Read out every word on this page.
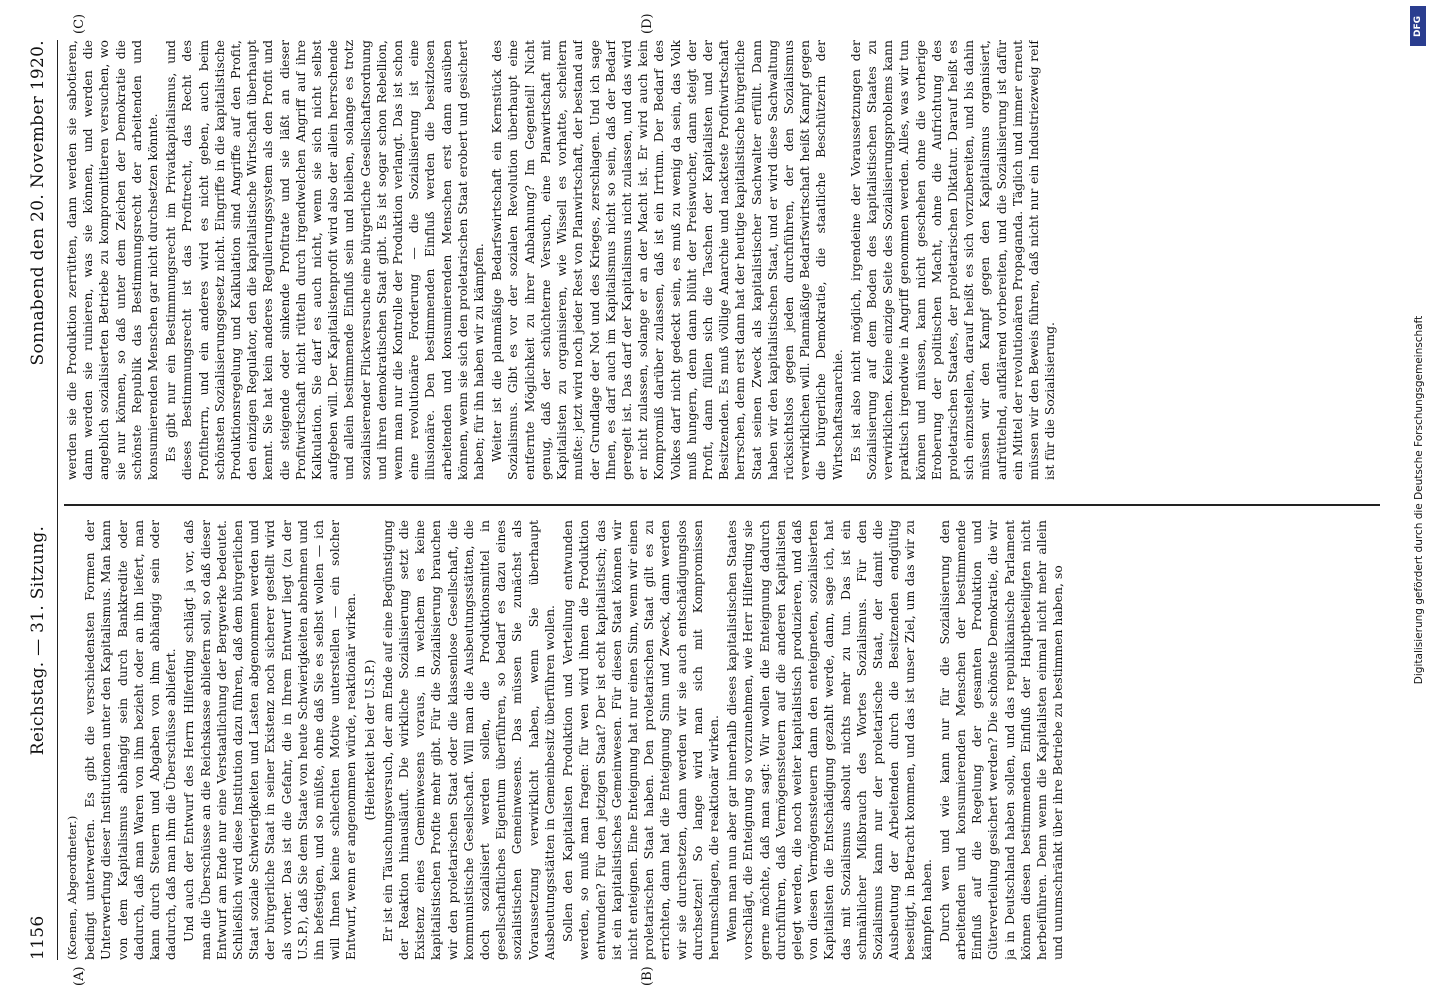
1156
Reichstag. — 31. Sitzung.
Sonnabend den 20. November 1920.
(A)	(B)
(C)	(D)

(Koenen, Abgeordneter.) bedingt unterwerfen. Es gibt die verschiedensten Formen der Unterwerfung dieser Institutionen unter den Kapitalismus. Man kann von dem Kapitalismus abhängig sein durch Bankkredite oder dadurch, daß man Waren von ihm bezieht oder an ihn liefert, man kann durch Steuern und Abgaben von ihm abhängig sein oder dadurch, daß man ihm die Überschüsse abliefert. Und auch der Entwurf des Herrn Hilferding schlägt ja vor, daß man die Überschüsse an die Reichskasse abliefern soll, so daß dieser Entwurf am Ende nur eine Verstaatlichung der Bergwerke bedeutet. Schließlich wird diese Institution dazu führen, daß dem bürgerlichen Staat soziale Schwierigkeiten und Lasten abgenommen werden und der bürgerliche Staat in seiner Existenz noch sicherer gestellt wird als vorher. Das ist die Gefahr, die in Ihrem Entwurf liegt (zu der U.S.P.), daß Sie dem Staate von heute Schwierigkeiten abnehmen und ihn befestigen, und so müßte, ohne daß Sie es selbst wollen — ich will Ihnen keine schlechten Motive unterstellen — ein solcher Entwurf, wenn er angenommen würde, reaktionär wirken. (Heiterkeit bei der U.S.P.) Er ist ein Täuschungsversuch, der am Ende auf eine Begünstigung der Reaktion hinausläuft. Die wirkliche Sozialisierung setzt die Existenz eines Gemeinwesens voraus, in welchem es keine kapitalistischen Profite mehr gibt. Für die Sozialisierung brauchen wir den proletarischen Staat oder die klassenlose Gesellschaft, die kommunistische Gesellschaft. Will man die Ausbeutungsstätten, die doch sozialisiert werden sollen, die Produktionsmittel in gesellschaftliches Eigentum überführen, so bedarf es dazu eines sozialistischen Gemeinwesens. Das müssen Sie zunächst als Voraussetzung verwirklicht haben, wenn Sie überhaupt Ausbeutungsstätten in Gemeinbesitz überführen wollen. Sollen den Kapitalisten Produktion und Verteilung entwunden werden, so muß man fragen: für wen wird ihnen die Produktion entwunden? Für den jetzigen Staat? Der ist echt kapitalistisch; das ist ein kapitalistisches Gemeinwesen. Für diesen Staat können wir nicht enteignen. Eine Enteignung hat nur einen Sinn, wenn wir einen proletarischen Staat haben. Den proletarischen Staat gilt es zu errichten, dann hat die Enteignung Sinn und Zweck, dann werden wir sie durchsetzen, dann werden wir sie auch entschädigungslos durchsetzen! So lange wird man sich mit Kompromissen herumschlagen, die reaktionär wirken. Wenn man nun aber gar innerhalb dieses kapitalistischen Staates vorschlägt, die Enteignung so vorzunehmen, wie Herr Hilferding sie gerne möchte, daß man sagt: Wir wollen die Enteignung dadurch durchführen, daß Vermögenssteuern auf die anderen Kapitalisten gelegt werden, die noch weiter kapitalistisch produzieren, und daß von diesen Vermögenssteuern dann den enteigneten, sozialisierten Kapitalisten die Entschädigung gezahlt werde, dann, sage ich, hat das mit Sozialismus absolut nichts mehr zu tun. Das ist ein schmählicher Mißbrauch des Wortes Sozialismus. Für den Sozialismus kann nur der proletarische Staat, der damit die Ausbeutung der Arbeitenden durch die Besitzenden endgültig beseitigt, in Betracht kommen, und das ist unser Ziel, um das wir zu kämpfen haben. Durch wen und wie kann nur für die Sozialisierung den arbeitenden und konsumierenden Menschen der bestimmende Einfluß auf die Regelung der gesamten Produktion und Güterverteilung gesichert werden? Die schönste Demokratie, die wir ja in Deutschland haben sollen, und das republikanische Parlament können diesen bestimmenden Einfluß der Hauptbeteiligten nicht herbeiführen. Denn wenn die Kapitalisten einmal nicht mehr allein und unumschränkt über ihre Betriebe zu bestimmen haben, so

werden sie die Produktion zerrütten, dann werden sie sabotieren, dann werden sie ruinieren, was sie können, und werden die angeblich sozialisierten Betriebe zu kompromittieren versuchen, wo sie nur können, so daß unter dem Zeichen der Demokratie die schönste Republik das Bestimmungsrecht der arbeitenden und konsumierenden Menschen gar nicht durchsetzen könnte. Es gibt nur ein Bestimmungsrecht im Privatkapitalismus, und dieses Bestimmungsrecht ist das Profitrecht, das Recht des Profitherrn, und ein anderes wird es nicht geben, auch beim schönsten Sozialisierungsgesetz nicht. Eingriffe in die kapitalistische Produktionsregelung und Kalkulation sind Angriffe auf den Profit, den einzigen Regulator, den die kapitalistische Wirtschaft überhaupt kennt. Sie hat kein anderes Regulierungssystem als den Profit und die steigende oder sinkende Profitrate und sie läßt an dieser Profitwirtschaft nicht rütteln durch irgendwelchen Angriff auf ihre Kalkulation. Sie darf es auch nicht, wenn sie sich nicht selbst aufgeben will. Der Kapitalistenprofit wird also der allein herrschende und allein bestimmende Einfluß sein und bleiben, solange es trotz sozialisierender Flickversuche eine bürgerliche Gesellschaftsordnung und ihren demokratischen Staat gibt. Es ist sogar schon Rebellion, wenn man nur die Kontrolle der Produktion verlangt. Das ist schon eine revolutionäre Forderung — die Sozialisierung ist eine illusionäre. Den bestimmenden Einfluß werden die besitzlosen arbeitenden und konsumierenden Menschen erst dann ausüben können, wenn sie sich den proletarischen Staat erobert und gesichert haben; für ihn haben wir zu kämpfen. Weiter ist die planmäßige Bedarfswirtschaft ein Kernstück des Sozialismus. Gibt es vor der sozialen Revolution überhaupt eine entfernte Möglichkeit zu ihrer Anbahnung? Im Gegenteil! Nicht genug, daß der schüchterne Versuch, eine Planwirtschaft mit Kapitalisten zu organisieren, wie Wissell es vorhatte, scheitern mußte: jetzt wird noch jeder Rest von Planwirtschaft, der bestand auf der Grundlage der Not und des Krieges, zerschlagen. Und ich sage Ihnen, es darf auch im Kapitalismus nicht so sein, daß der Bedarf geregelt ist. Das darf der Kapitalismus nicht zulassen, und das wird er nicht zulassen, solange er an der Macht ist. Er wird auch kein Kompromiß darüber zulassen, daß ist ein Irrtum. Der Bedarf des Volkes darf nicht gedeckt sein, es muß zu wenig da sein, das Volk muß hungern, denn dann blüht der Preiswucher, dann steigt der Profit, dann füllen sich die Taschen der Kapitalisten und der Besitzenden. Es muß völlige Anarchie und nackteste Profitwirtschaft herrschen, denn erst dann hat der heutige kapitalistische bürgerliche Staat seinen Zweck als kapitalistischer Sachwalter erfüllt. Dann haben wir den kapitalistischen Staat, und er wird diese Sachwaltung rücksichtslos gegen jeden durchführen, der den Sozialismus verwirklichen will. Planmäßige Bedarfswirtschaft heißt Kampf gegen die bürgerliche Demokratie, die staatliche Beschützerin der Wirtschaftsanarchie. Es ist also nicht möglich, irgendeine der Voraussetzungen der Sozialisierung auf dem Boden des kapitalistischen Staates zu verwirklichen. Keine einzige Seite des Sozialisierungsproblems kann praktisch irgendwie in Angriff genommen werden. Alles, was wir tun können und müssen, kann nicht geschehen ohne die vorherige Eroberung der politischen Macht, ohne die Aufrichtung des proletarischen Staates, der proletarischen Diktatur. Darauf heißt es sich einzustellen, darauf heißt es sich vorzubereiten, und bis dahin müssen wir den Kampf gegen den Kapitalismus organisiert, aufrüttelnd, aufklärend vorbereiten, und die Sozialisierung ist dafür ein Mittel der revolutionären Propaganda. Täglich und immer erneut müssen wir den Beweis führen, daß nicht nur ein Industriezweig reif ist für die Sozialisierung.

DFG
Digitalisierung gefördert durch die Deutsche Forschungsgemeinschaft
